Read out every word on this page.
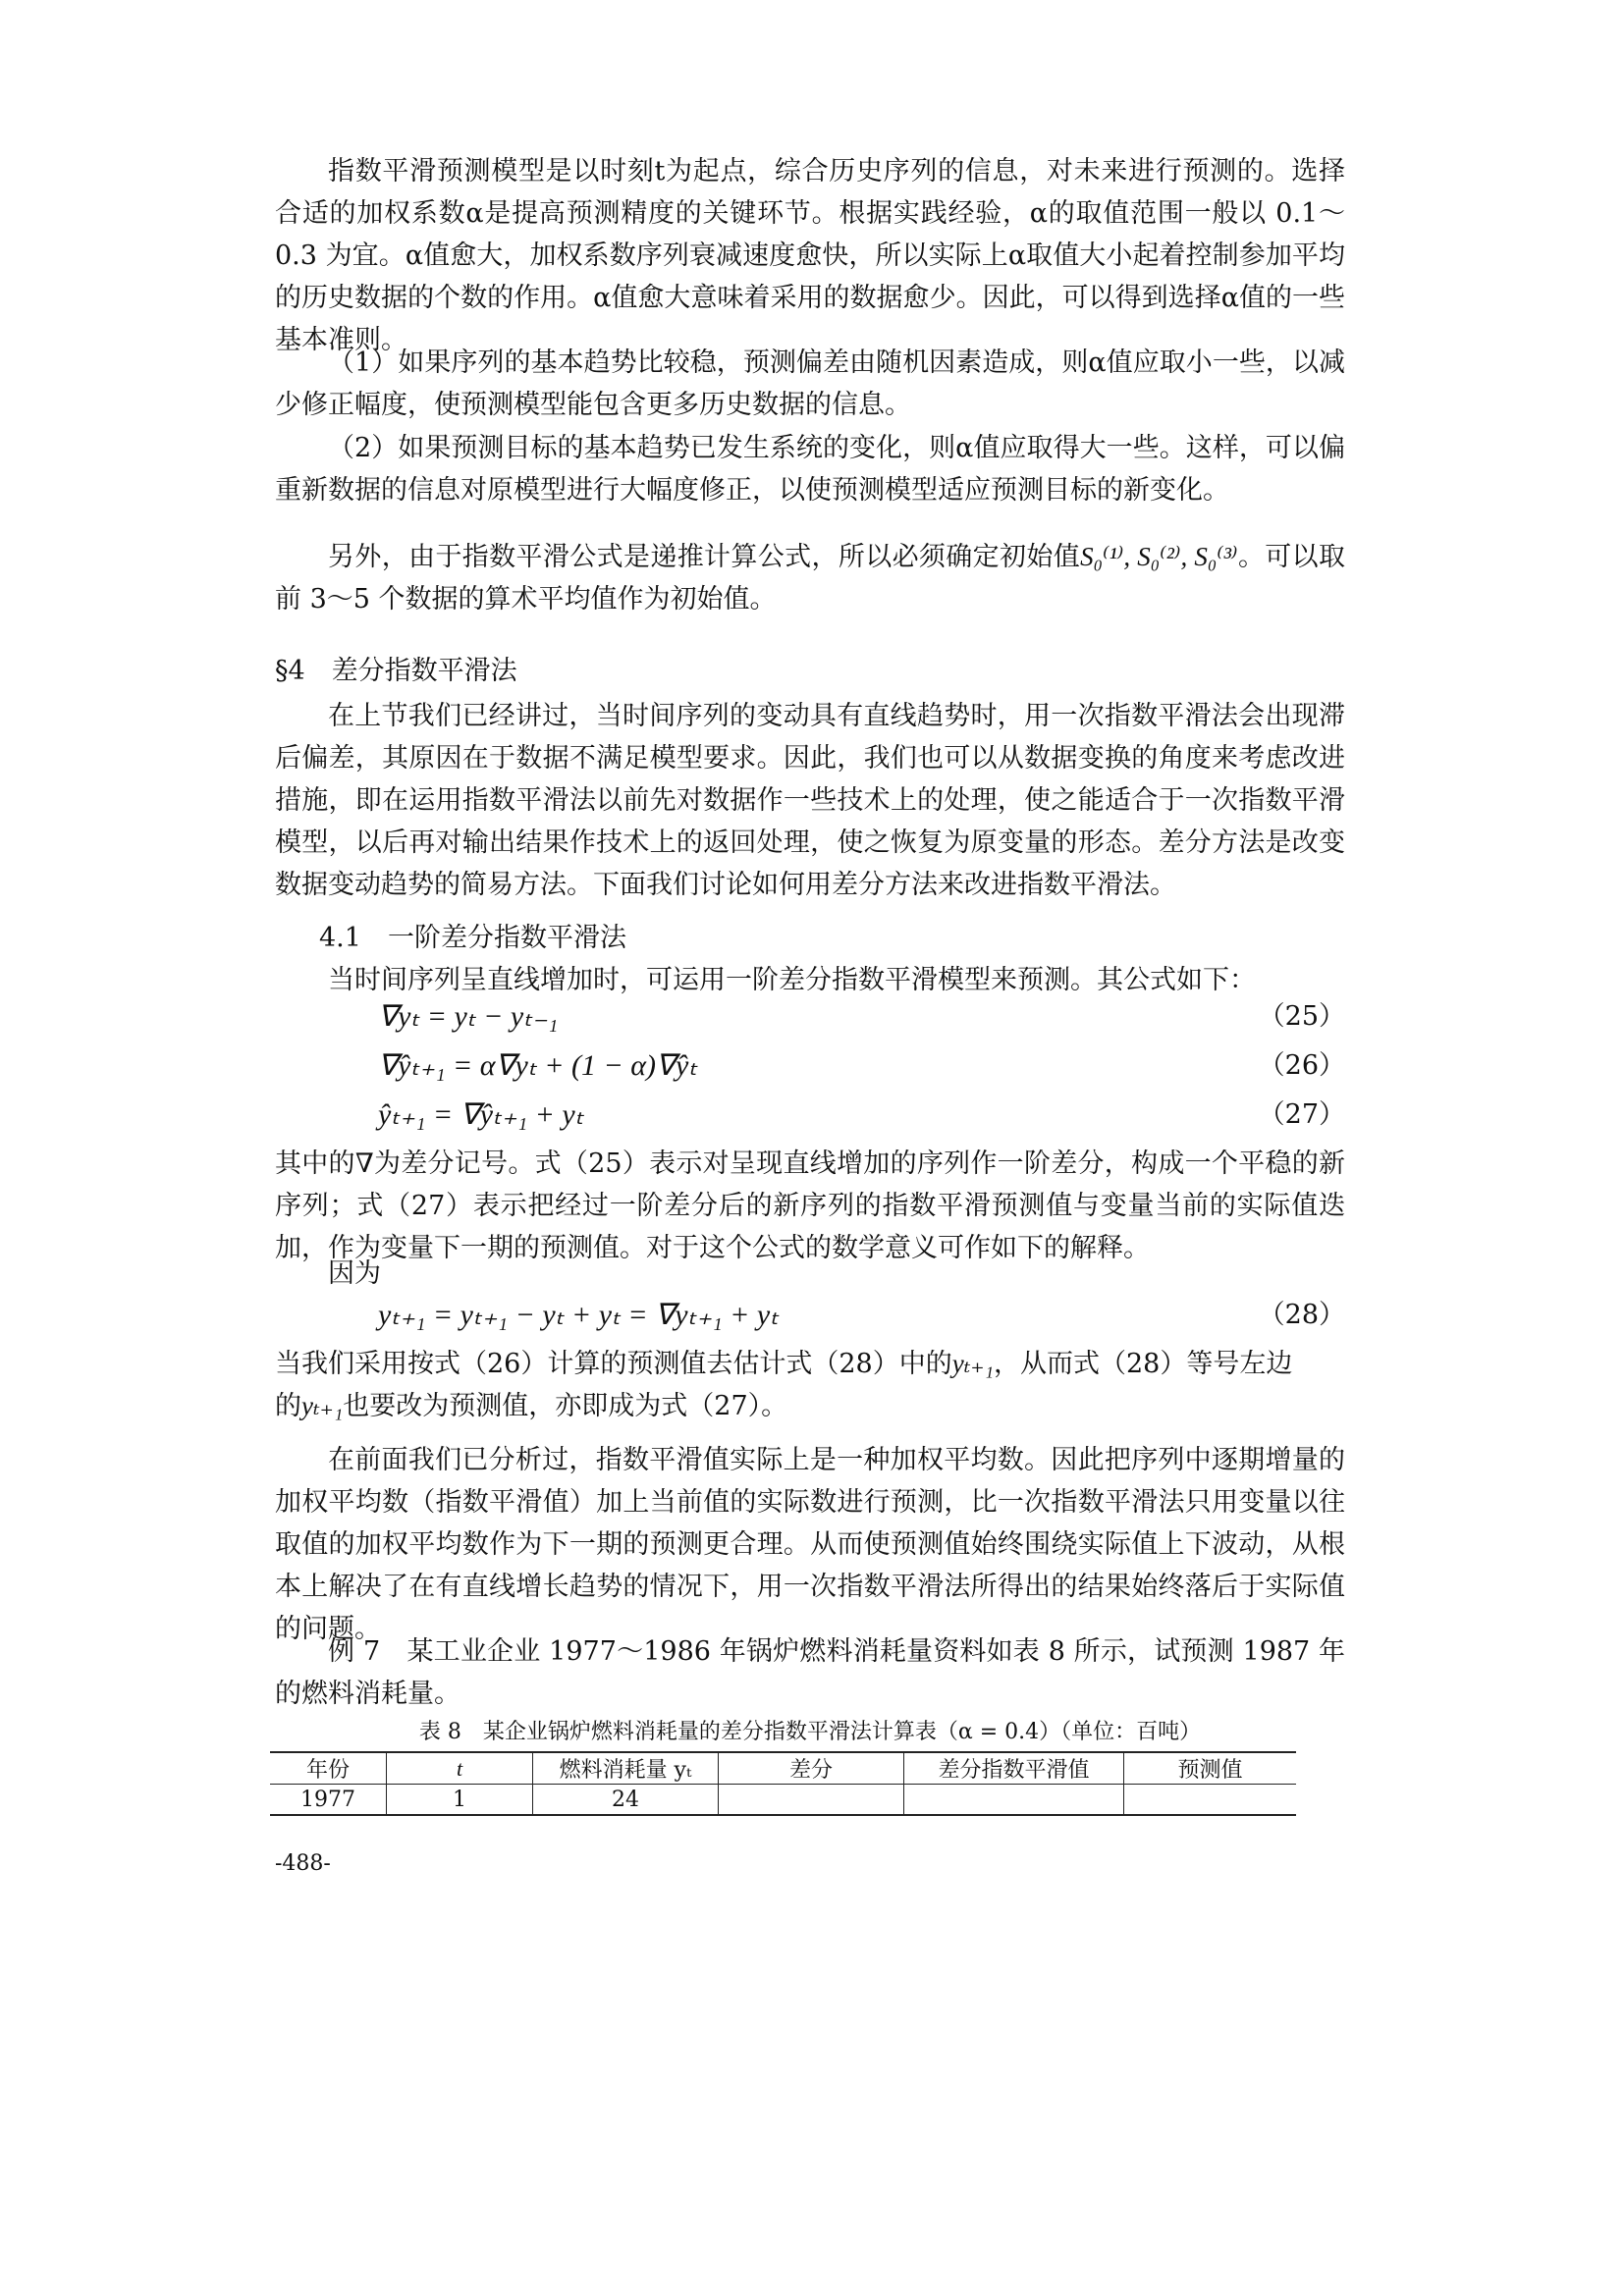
指数平滑预测模型是以时刻t为起点，综合历史序列的信息，对未来进行预测的。选择合适的加权系数α是提高预测精度的关键环节。根据实践经验，α的取值范围一般以 0.1～0.3 为宜。α值愈大，加权系数序列衰减速度愈快，所以实际上α取值大小起着控制参加平均的历史数据的个数的作用。α值愈大意味着采用的数据愈少。因此，可以得到选择α值的一些基本准则。

（1）如果序列的基本趋势比较稳，预测偏差由随机因素造成，则α值应取小一些，以减少修正幅度，使预测模型能包含更多历史数据的信息。

（2）如果预测目标的基本趋势已发生系统的变化，则α值应取得大一些。这样，可以偏重新数据的信息对原模型进行大幅度修正，以使预测模型适应预测目标的新变化。

另外，由于指数平滑公式是递推计算公式，所以必须确定初始值S₀⁽¹⁾, S₀⁽²⁾, S₀⁽³⁾。可以取前 3～5 个数据的算术平均值作为初始值。

§4　差分指数平滑法

在上节我们已经讲过，当时间序列的变动具有直线趋势时，用一次指数平滑法会出现滞后偏差，其原因在于数据不满足模型要求。因此，我们也可以从数据变换的角度来考虑改进措施，即在运用指数平滑法以前先对数据作一些技术上的处理，使之能适合于一次指数平滑模型，以后再对输出结果作技术上的返回处理，使之恢复为原变量的形态。差分方法是改变数据变动趋势的简易方法。下面我们讨论如何用差分方法来改进指数平滑法。

4.1　一阶差分指数平滑法

当时间序列呈直线增加时，可运用一阶差分指数平滑模型来预测。其公式如下：

∇yₜ = yₜ − yₜ₋₁	（25）
∇ŷₜ₊₁ = α∇yₜ + (1 − α)∇ŷₜ	（26）
ŷₜ₊₁ = ∇ŷₜ₊₁ + yₜ	（27）

其中的∇为差分记号。式（25）表示对呈现直线增加的序列作一阶差分，构成一个平稳的新序列；式（27）表示把经过一阶差分后的新序列的指数平滑预测值与变量当前的实际值迭加，作为变量下一期的预测值。对于这个公式的数学意义可作如下的解释。

因为

yₜ₊₁ = yₜ₊₁ − yₜ + yₜ = ∇yₜ₊₁ + yₜ	（28）

当我们采用按式（26）计算的预测值去估计式（28）中的yₜ₊₁，从而式（28）等号左边
的yₜ₊₁也要改为预测值，亦即成为式（27）。

在前面我们已分析过，指数平滑值实际上是一种加权平均数。因此把序列中逐期增量的加权平均数（指数平滑值）加上当前值的实际数进行预测，比一次指数平滑法只用变量以往取值的加权平均数作为下一期的预测更合理。从而使预测值始终围绕实际值上下波动，从根本上解决了在有直线增长趋势的情况下，用一次指数平滑法所得出的结果始终落后于实际值的问题。

例 7　某工业企业 1977～1986 年锅炉燃料消耗量资料如表 8 所示，试预测 1987 年的燃料消耗量。

表 8　某企业锅炉燃料消耗量的差分指数平滑法计算表（α = 0.4）（单位：百吨）
年份	t	燃料消耗量 yₜ	差分	差分指数平滑值	预测值
1977	1	24			
-488-
